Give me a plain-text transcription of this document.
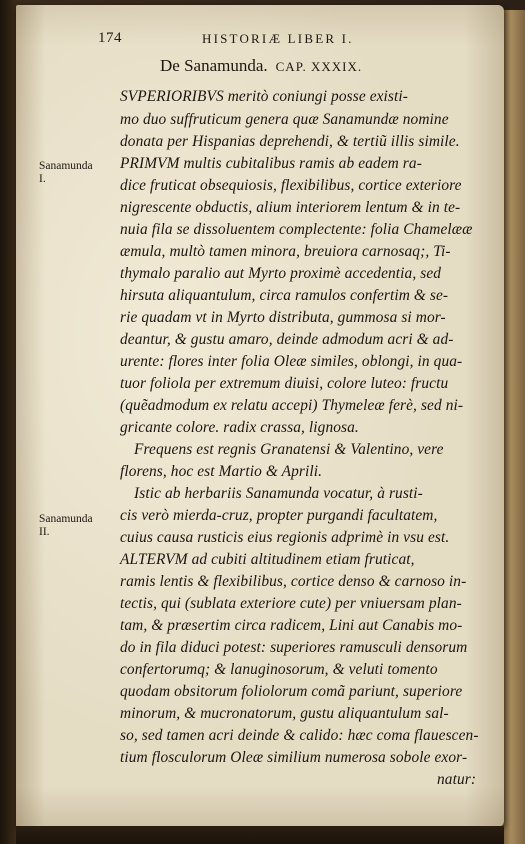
174	HISTORIÆ LIBER I.
De Sanamunda. CAP. XXXIX.
Sanamunda
I.
Sanamunda
II.
SVPERIORIBVS meritò coniungi posse existi-
mo duo suffruticum genera quæ Sanamundæ nomine
donata per Hispanias deprehendi, & tertiũ illis simile.
PRIMVM multis cubitalibus ramis ab eadem ra-
dice fruticat obsequiosis, flexibilibus, cortice exteriore
nigrescente obductis, alium interiorem lentum & in te-
nuia fila se dissoluentem complectente: folia Chamelææ
æmula, multò tamen minora, breuiora carnosaq;, Ti-
thymalo paralio aut Myrto proximè accedentia, sed
hirsuta aliquantulum, circa ramulos confertim & se-
rie quadam vt in Myrto distributa, gummosa si mor-
deantur, & gustu amaro, deinde admodum acri & ad-
urente: flores inter folia Oleæ similes, oblongi, in qua-
tuor foliola per extremum diuisi, colore luteo: fructu
(quẽadmodum ex relatu accepi) Thymeleæ ferè, sed ni-
gricante colore. radix crassa, lignosa.
Frequens est regnis Granatensi & Valentino, vere
florens, hoc est Martio & Aprili.
Istic ab herbariis Sanamunda vocatur, à rusti-
cis verò mierda-cruz, propter purgandi facultatem,
cuius causa rusticis eius regionis adprimè in vsu est.
ALTERVM ad cubiti altitudinem etiam fruticat,
ramis lentis & flexibilibus, cortice denso & carnoso in-
tectis, qui (sublata exteriore cute) per vniuersam plan-
tam, & præsertim circa radicem, Lini aut Canabis mo-
do in fila diduci potest: superiores ramusculi densorum
confertorumq; & lanuginosorum, & veluti tomento
quodam obsitorum foliolorum comã pariunt, superiore
minorum, & mucronatorum, gustu aliquantulum sal-
so, sed tamen acri deinde & calido: hæc coma flauescen-
tium flosculorum Oleæ similium numerosa sobole exor-
natur:
